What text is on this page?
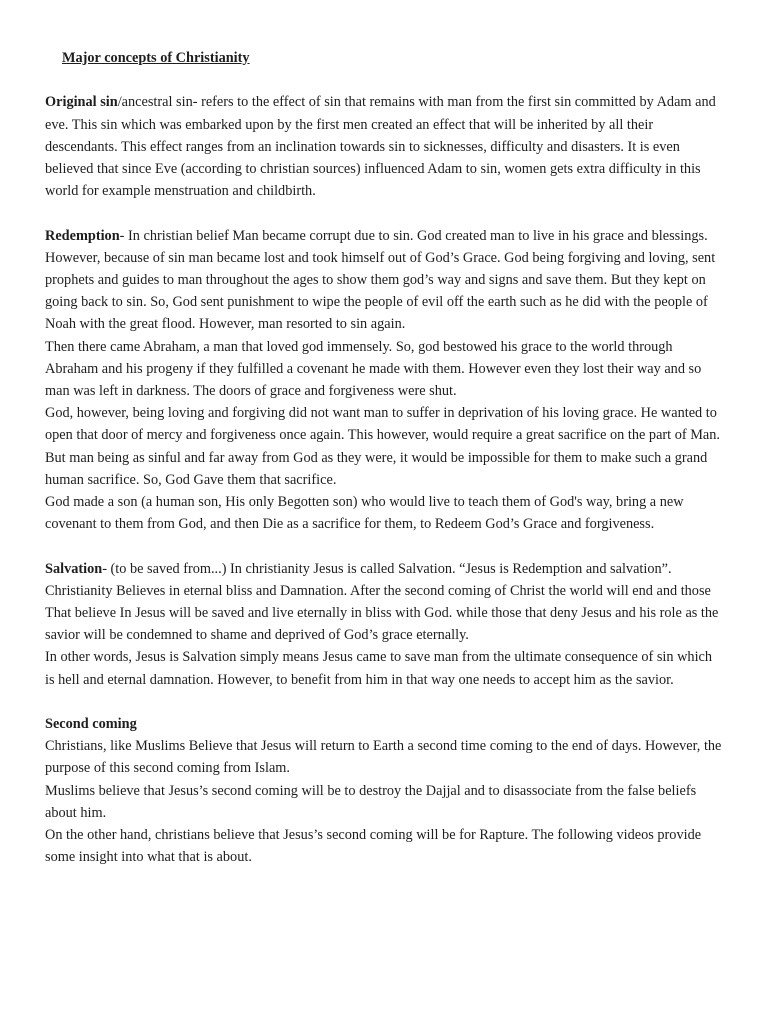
Major concepts of Christianity

Original sin/ancestral sin- refers to the effect of sin that remains with man from the first sin committed by Adam and eve. This sin which was embarked upon by the first men created an effect that will be inherited by all their descendants. This effect ranges from an inclination towards sin to sicknesses, difficulty and disasters. It is even believed that since Eve (according to christian sources) influenced Adam to sin, women gets extra difficulty in this world for example menstruation and childbirth.

Redemption- In christian belief Man became corrupt due to sin. God created man to live in his grace and blessings. However, because of sin man became lost and took himself out of God’s Grace. God being forgiving and loving, sent prophets and guides to man throughout the ages to show them god’s way and signs and save them. But they kept on going back to sin. So, God sent punishment to wipe the people of evil off the earth such as he did with the people of Noah with the great flood. However, man resorted to sin again.

Then there came Abraham, a man that loved god immensely. So, god bestowed his grace to the world through Abraham and his progeny if they fulfilled a covenant he made with them. However even they lost their way and so man was left in darkness. The doors of grace and forgiveness were shut.

God, however, being loving and forgiving did not want man to suffer in deprivation of his loving grace. He wanted to open that door of mercy and forgiveness once again. This however, would require a great sacrifice on the part of Man. But man being as sinful and far away from God as they were, it would be impossible for them to make such a grand human sacrifice. So, God Gave them that sacrifice.

God made a son (a human son, His only Begotten son) who would live to teach them of God's way, bring a new covenant to them from God, and then Die as a sacrifice for them, to Redeem God’s Grace and forgiveness.

Salvation- (to be saved from...) In christianity Jesus is called Salvation. “Jesus is Redemption and salvation”. Christianity Believes in eternal bliss and Damnation. After the second coming of Christ the world will end and those That believe In Jesus will be saved and live eternally in bliss with God. while those that deny Jesus and his role as the savior will be condemned to shame and deprived of God’s grace eternally.

In other words, Jesus is Salvation simply means Jesus came to save man from the ultimate consequence of sin which is hell and eternal damnation. However, to benefit from him in that way one needs to accept him as the savior.

Second coming

Christians, like Muslims Believe that Jesus will return to Earth a second time coming to the end of days. However, the purpose of this second coming from Islam.

Muslims believe that Jesus’s second coming will be to destroy the Dajjal and to disassociate from the false beliefs about him.

On the other hand, christians believe that Jesus’s second coming will be for Rapture. The following videos provide some insight into what that is about.
